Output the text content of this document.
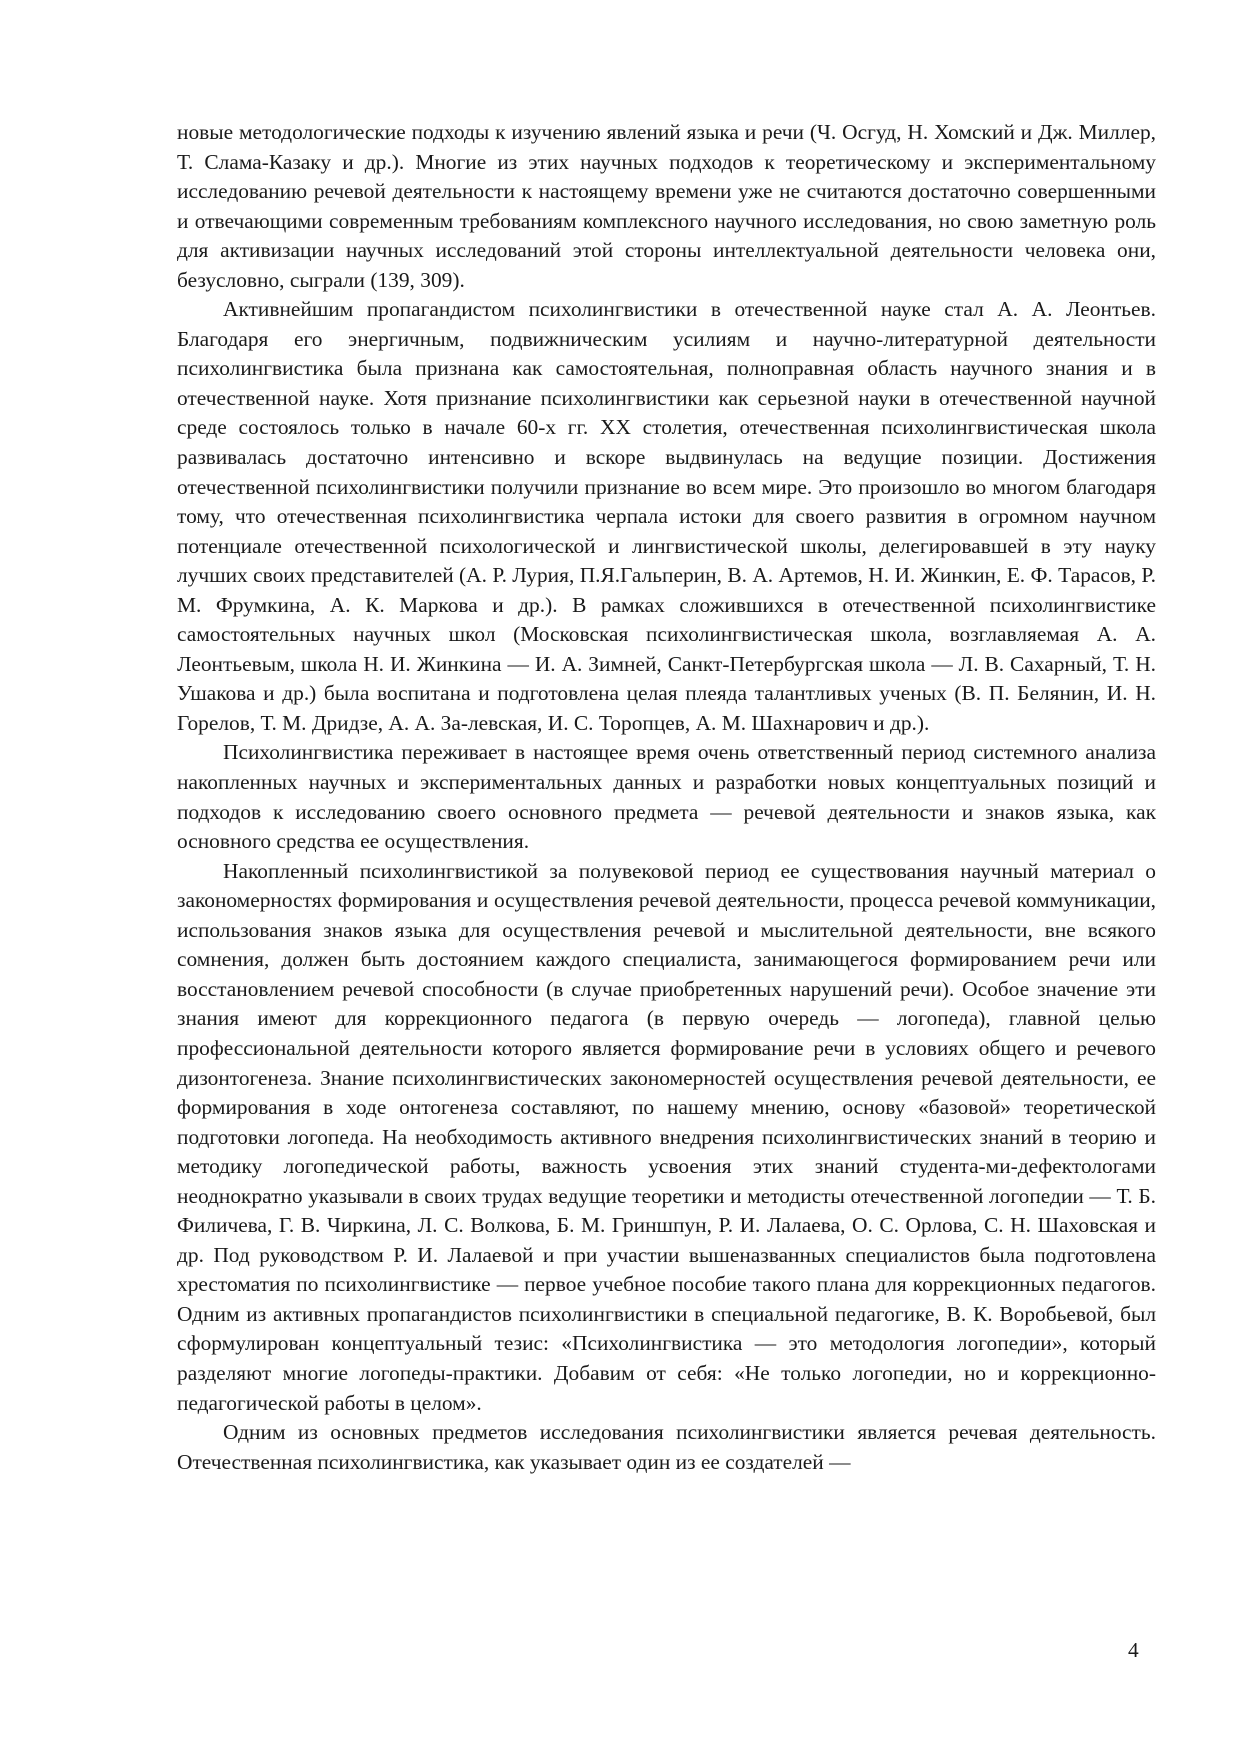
новые методологические подходы к изучению явлений языка и речи (Ч. Осгуд, Н. Хомский и Дж. Миллер, Т. Слама-Казаку и др.). Многие из этих научных подходов к теоретическому и экспериментальному исследованию речевой деятельности к настоящему времени уже не считаются достаточно совершенными и отвечающими современным требованиям комплексного научного исследования, но свою заметную роль для активизации научных исследований этой стороны интеллектуальной деятельности человека они, безусловно, сыграли (139, 309).

Активнейшим пропагандистом психолингвистики в отечественной науке стал А. А. Леонтьев. Благодаря его энергичным, подвижническим усилиям и научно-литературной деятельности психолингвистика была признана как самостоятельная, полноправная область научного знания и в отечественной науке. Хотя признание психолингвистики как серьезной науки в отечественной научной среде состоялось только в начале 60-х гг. XX столетия, отечественная психолингвистическая школа развивалась достаточно интенсивно и вскоре выдвинулась на ведущие позиции. Достижения отечественной психолингвистики получили признание во всем мире. Это произошло во многом благодаря тому, что отечественная психолингвистика черпала истоки для своего развития в огромном научном потенциале отечественной психологической и лингвистической школы, делегировавшей в эту науку лучших своих представителей (А. Р. Лурия, П.Я.Гальперин, В. А. Артемов, Н. И. Жинкин, Е. Ф. Тарасов, Р. М. Фрумкина, А. К. Маркова и др.). В рамках сложившихся в отечественной психолингвистике самостоятельных научных школ (Московская психолингвистическая школа, возглавляемая А. А. Леонтьевым, школа Н. И. Жинкина — И. А. Зимней, Санкт-Петербургская школа — Л. В. Сахарный, Т. Н. Ушакова и др.) была воспитана и подготовлена целая плеяда талантливых ученых (В. П. Белянин, И. Н. Горелов, Т. М. Дридзе, А. А. За-левская, И. С. Торопцев, А. М. Шахнарович и др.).

Психолингвистика переживает в настоящее время очень ответственный период системного анализа накопленных научных и экспериментальных данных и разработки новых концептуальных позиций и подходов к исследованию своего основного предмета — речевой деятельности и знаков языка, как основного средства ее осуществления.

Накопленный психолингвистикой за полувековой период ее существования научный материал о закономерностях формирования и осуществления речевой деятельности, процесса речевой коммуникации, использования знаков языка для осуществления речевой и мыслительной деятельности, вне всякого сомнения, должен быть достоянием каждого специалиста, занимающегося формированием речи или восстановлением речевой способности (в случае приобретенных нарушений речи). Особое значение эти знания имеют для коррекционного педагога (в первую очередь — логопеда), главной целью профессиональной деятельности которого является формирование речи в условиях общего и речевого дизонтогенеза. Знание психолингвистических закономерностей осуществления речевой деятельности, ее формирования в ходе онтогенеза составляют, по нашему мнению, основу «базовой» теоретической подготовки логопеда. На необходимость активного внедрения психолингвистических знаний в теорию и методику логопедической работы, важность усвоения этих знаний студента-ми-дефектологами неоднократно указывали в своих трудах ведущие теоретики и методисты отечественной логопедии — Т. Б. Филичева, Г. В. Чиркина, Л. С. Волкова, Б. М. Гриншпун, Р. И. Лалаева, О. С. Орлова, С. Н. Шаховская и др. Под руководством Р. И. Лалаевой и при участии вышеназванных специалистов была подготовлена хрестоматия по психолингвистике — первое учебное пособие такого плана для коррекционных педагогов. Одним из активных пропагандистов психолингвистики в специальной педагогике, В. К. Воробьевой, был сформулирован концептуальный тезис: «Психолингвистика — это методология логопедии», который разделяют многие логопеды-практики. Добавим от себя: «Не только логопедии, но и коррекционно-педагогической работы в целом».

Одним из основных предметов исследования психолингвистики является речевая деятельность. Отечественная психолингвистика, как указывает один из ее создателей —

4
